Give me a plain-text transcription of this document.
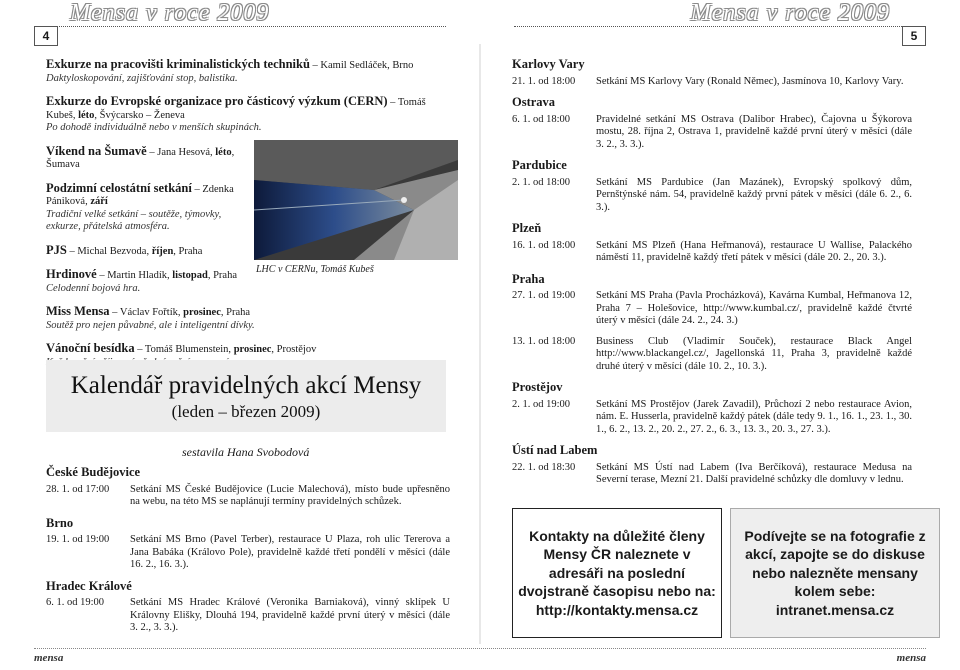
Mensa v roce 2009	Mensa v roce 2009
4	5
Exkurze na pracovišti kriminalistických techniků – Kamil Sedláček, Brno
Daktyloskopování, zajišťování stop, balistika.
Exkurze do Evropské organizace pro částicový výzkum (CERN) – Tomáš Kubeš, léto, Švýcarsko – Ženeva
Po dohodě individuálně nebo v menších skupinách.
Víkend na Šumavě – Jana Hesová, léto, Šumava
Podzimní celostátní setkání – Zdenka Pániková, září
Tradiční velké setkání – soutěže, týmovky, exkurze, přátelská atmosféra.
PJS – Michal Bezvoda, říjen, Praha
Hrdinové – Martin Hladík, listopad, Praha
Celodenní bojová hra.
Miss Mensa – Václav Fořtík, prosinec, Praha
Soutěž pro nejen půvabné, ale i inteligentní dívky.
Vánoční besídka – Tomáš Blumenstein, prosinec, Prostějov
LHC v CERNu, Tomáš Kubeš
Kalendář pravidelných akcí Mensy
(leden – březen 2009)
sestavila Hana Svobodová
České Budějovice
28. 1. od 17:00	Setkání MS České Budějovice (Lucie Malechová), místo bude upřesněno na webu, na této MS se naplánují termíny pravidelných schůzek.
Brno
19. 1. od 19:00	Setkání MS Brno (Pavel Terber), restaurace U Plaza, roh ulic Tererova a Jana Babáka (Královo Pole), pravidelně každé třetí pondělí v měsíci (dále 16. 2., 16. 3.).
Hradec Králové
6. 1. od 19:00	Setkání MS Hradec Králové (Veronika Barniaková), vinný sklípek U Královny Elišky, Dlouhá 194, pravidelně každé první úterý v měsíci (dále 3. 2., 3. 3.).
Karlovy Vary
21. 1. od 18:00	Setkání MS Karlovy Vary (Ronald Němec), Jasmínova 10, Karlovy Vary.
Ostrava
6. 1. od 18:00	Pravidelné setkání MS Ostrava (Dalibor Hrabec), Čajovna u Šýkorova mostu, 28. října 2, Ostrava 1, pravidelně každé první úterý v měsíci (dále 3. 2., 3. 3.).
Pardubice
2. 1. od 18:00	Setkání MS Pardubice (Jan Mazánek), Evropský spolkový dům, Pernštýnské nám. 54, pravidelně každý první pátek v měsíci (dále 6. 2., 6. 3.).
Plzeň
16. 1. od 18:00	Setkání MS Plzeň (Hana Heřmanová), restaurace U Wallise, Palackého náměstí 11, pravidelně každý třetí pátek v měsíci (dále 20. 2., 20. 3.).
Praha
27. 1. od 19:00	Setkání MS Praha (Pavla Procházková), Kavárna Kumbal, Heřmanova 12, Praha 7 – Holešovice, http://www.kumbal.cz/, pravidelně každé čtvrté úterý v měsíci (dále 24. 2., 24. 3.)
13. 1. od 18:00	Business Club (Vladimír Souček), restaurace Black Angel http://www.blackangel.cz/, Jagellonská 11, Praha 3, pravidelně každé druhé úterý v měsíci (dále 10. 2., 10. 3.).
Prostějov
2. 1. od 19:00	Setkání MS Prostějov (Jarek Zavadil), Průchozí 2 nebo restaurace Avion, nám. E. Husserla, pravidelně každý pátek (dále tedy 9. 1., 16. 1., 23. 1., 30. 1., 6. 2., 13. 2., 20. 2., 27. 2., 6. 3., 13. 3., 20. 3., 27. 3.).
Ústí nad Labem
22. 1. od 18:30	Setkání MS Ústí nad Labem (Iva Berčíková), restaurace Medusa na Severní terase, Mezní 21. Další pravidelné schůzky dle domluvy v lednu.
Kontakty na důležité členy Mensy ČR naleznete v adresáři na poslední dvojstraně časopisu nebo na: http://kontakty.mensa.cz
Podívejte se na fotografie z akcí, zapojte se do diskuse nebo nalezněte mensany kolem sebe: intranet.mensa.cz
mensa	mensa
